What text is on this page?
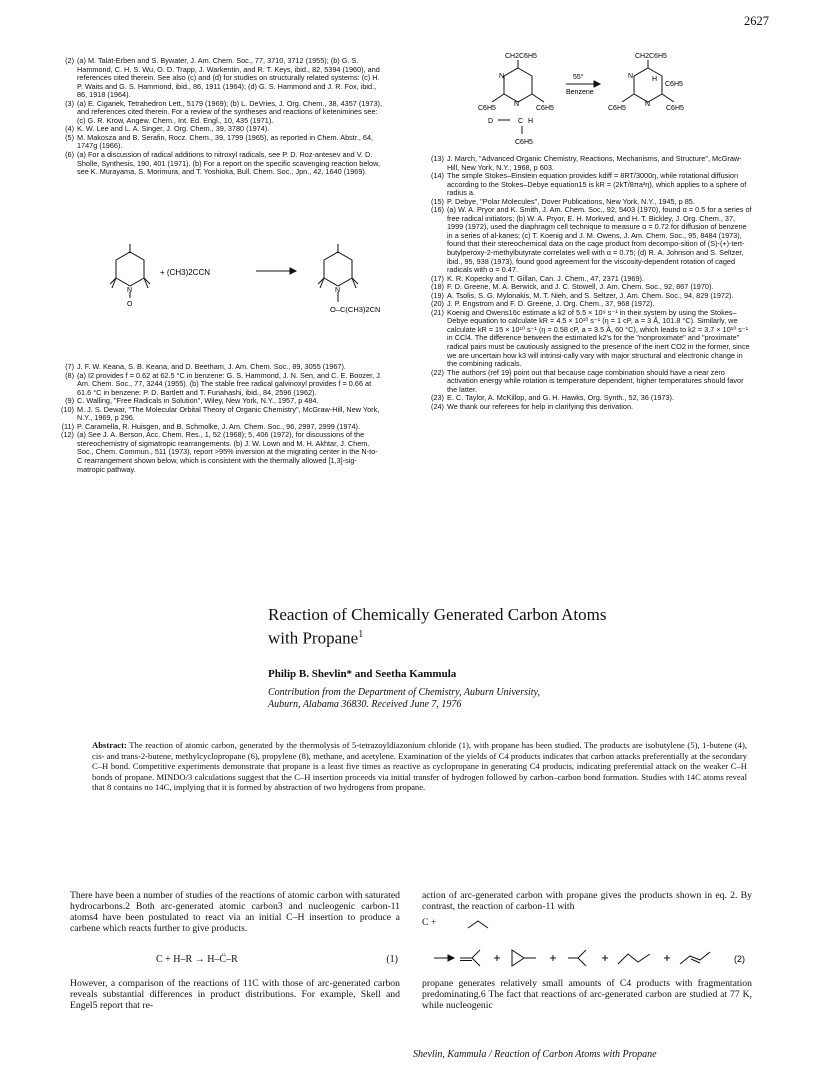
2627
(2) (a) M. Talat-Erben and S. Bywater, J. Am. Chem. Soc., 77, 3710, 3712 (1955); (b) G. S. Hammond, C. H. S. Wu, O. D. Trapp, J. Warkentin, and R. T. Keys, ibid., 82, 5394 (1960), and references cited therein. See also (c) and (d) for studies on structurally related systems: (c) H. P. Waits and G. S. Hammond, ibid., 86, 1911 (1964); (d) G. S. Hammond and J. R. Fox, ibid., 86, 1918 (1964).
(3) (a) E. Ciganek, Tetrahedron Lett., 5179 (1969); (b) L. DeVries, J. Org. Chem., 38, 4357 (1973), and references cited therein. For a review of the syntheses and reactions of ketenimines see: (c) G. R. Krow, Angew. Chem., Int. Ed. Engl., 10, 435 (1971).
(4) K. W. Lee and L. A. Singer, J. Org. Chem., 39, 3780 (1974).
(5) M. Makosza and B. Serafin, Rocz. Chem., 39, 1799 (1965), as reported in Chem. Abstr., 64, 1747g (1966).
(6) (a) For a discussion of radical additions to nitroxyl radicals, see P. D. Roz-antesev and V. D. Sholle, Synthesis, 190, 401 (1971). (b) For a report on the specific scavenging reaction below, see K. Murayama, S. Morimura, and T. Yoshioka, Bull. Chem. Soc., Jpn., 42, 1640 (1969).
N
O
+ (CH3)2CCN
N
O–C(CH3)2CN
(7) J. F. W. Keana, S. B. Keana, and D. Beetham, J. Am. Chem. Soc., 89, 3055 (1967).
(8) (a) I2 provides f = 0.62 at 62.5 °C in benzene: G. S. Hammond, J. N. Sen, and C. E. Boozer, J. Am. Chem. Soc., 77, 3244 (1955). (b) The stable free radical galvinoxyl provides f = 0.66 at 61.6 °C in benzene: P. D. Bartlett and T. Funahashi, ibid., 84, 2596 (1962).
(9) C. Walling, "Free Radicals in Solution", Wiley, New York, N.Y., 1957, p 484.
(10) M. J. S. Dewar, "The Molecular Orbital Theory of Organic Chemistry", McGraw-Hill, New York, N.Y., 1969, p 296.
(11) P. Caramella, R. Huisgen, and B. Schmolke, J. Am. Chem. Soc., 96, 2997, 2999 (1974).
(12) (a) See J. A. Berson, Acc. Chem. Res., 1, 52 (1968); 5, 406 (1972), for discussions of the stereochemistry of sigmatropic rearrangements. (b) J. W. Lown and M. H. Akhtar, J. Chem. Soc., Chem. Commun., 511 (1973), report >95% inversion at the migrating center in the N-to-C rearrangement shown below, which is consistent with the thermally allowed [1,3]-sig-matropic pathway.
CH2C6H5
N
N
C6H5	C6H5
55°
Benzene
CH2C6H5
N
N
H
C6H5
C6H5	C6H5
D	C H
C6H5
(13) J. March, "Advanced Organic Chemistry, Reactions, Mechanisms, and Structure", McGraw-Hill, New York, N.Y., 1968, p 603.
(14) The simple Stokes–Einstein equation provides kdiff = 8RT/3000η, while rotational diffusion according to the Stokes–Debye equation15 is kR = (2kT/8πa³η), which applies to a sphere of radius a.
(15) P. Debye, "Polar Molecules", Dover Publications, New York, N.Y., 1945, p 85.
(16) (a) W. A. Pryor and K. Smith, J. Am. Chem. Soc., 92, 5403 (1970), found α = 0.5 for a series of free radical initiators; (b) W. A. Pryor, E. H. Morkved, and H. T. Bickley, J. Org. Chem., 37, 1999 (1972), used the diaphragm cell technique to measure α = 0.72 for diffusion of benzene in a series of al-kanes; (c) T. Koenig and J. M. Owens, J. Am. Chem. Soc., 95, 8484 (1973), found that their stereochemical data on the cage product from decompo-sition of (S)-(+)-tert-butylperoxy-2-methylbutyrate correlates well with α = 0.75; (d) R. A. Johnson and S. Seltzer, ibid., 95, 938 (1973), found good agreement for the viscosity-dependent rotation of caged radicals with α = 0.47.
(17) K. R. Kopecky and T. Gillan, Can. J. Chem., 47, 2371 (1969).
(18) F. D. Greene, M. A. Berwick, and J. C. Stowell, J. Am. Chem. Soc., 92, 867 (1970).
(19) A. Tsolis, S. G. Mylonakis, M. T. Nieh, and S. Seltzer, J. Am. Chem. Soc., 94, 829 (1972).
(20) J. P. Engstrom and F. D. Greene, J. Org. Chem., 37, 968 (1972).
(21) Koenig and Owens16c estimate a k2 of 5.5 × 10⁹ s⁻¹ in their system by using the Stokes–Debye equation to calculate kR = 4.5 × 10¹⁰ s⁻¹ (η = 1 cP, a = 3 Å, 101.8 °C). Similarly, we calculate kR = 15 × 10¹⁰ s⁻¹ (η = 0.58 cP, a = 3.5 Å, 60 °C), which leads to k2 = 3.7 × 10¹⁰ s⁻¹ in CCl4. The difference between the estimated k2's for the "nonproximate" and "proximate" radical pairs must be cautiously assigned to the presence of the inert CO2 in the former, since we are uncertain how k3 will intrinsi-cally vary with major structural and electronic change in the combining radicals.
(22) The authors (ref 19) point out that because cage combination should have a near zero activation energy while rotation is temperature dependent, higher temperatures should favor the latter.
(23) E. C. Taylor, A. McKillop, and G. H. Hawks, Org. Synth., 52, 36 (1973).
(24) We thank our referees for help in clarifying this derivation.
Reaction of Chemically Generated Carbon Atoms
with Propane$^1$
Philip B. Shevlin* and Seetha Kammula
Contribution from the Department of Chemistry, Auburn University,
Auburn, Alabama 36830. Received June 7, 1976
Abstract: The reaction of atomic carbon, generated by the thermolysis of 5-tetrazoyldiazonium chloride (1), with propane has been studied. The products are isobutylene (5), 1-butene (4), cis- and trans-2-butene, methylcyclopropane (6), propylene (8), methane, and acetylene. Examination of the yields of C4 products indicates that carbon attacks preferentially at the secondary C–H bond. Competitive experiments demonstrate that propane is a least five times as reactive as cyclopropane in generating C4 products, indicating preferential attack on the weaker C–H bonds of propane. MINDO/3 calculations suggest that the C–H insertion proceeds via initial transfer of hydrogen followed by carbon–carbon bond formation. Studies with 14C atoms reveal that 8 contains no 14C, implying that it is formed by abstraction of two hydrogens from propane.
There have been a number of studies of the reactions of atomic carbon with saturated hydrocarbons.2 Both arc-generated atomic carbon3 and nucleogenic carbon-11 atoms4 have been postulated to react via an initial C–H insertion to produce a carbene which reacts further to give products.
C + H–R → H–C̈–R	(1)
However, a comparison of the reactions of 11C with those of arc-generated carbon reveals substantial differences in product distributions. For example, Skell and Engel5 report that re-
action of arc-generated carbon with propane gives the products shown in eq. 2. By contrast, the reaction of carbon-11 with
C +
(2)
propane generates relatively small amounts of C4 products with fragmentation predominating.6 The fact that reactions of arc-generated carbon are studied at 77 K, while nucleogenic
Shevlin, Kammula / Reaction of Carbon Atoms with Propane
